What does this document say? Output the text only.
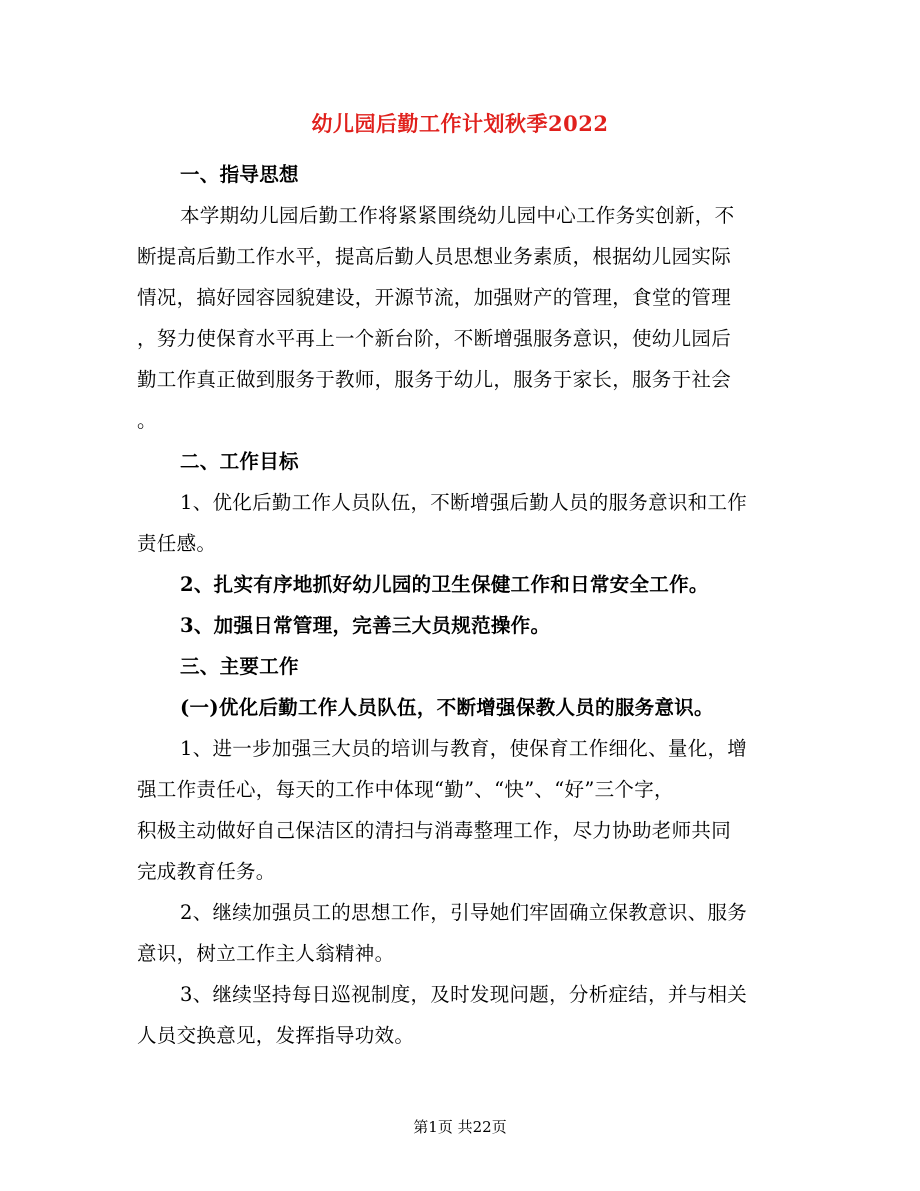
幼儿园后勤工作计划秋季2022
一、指导思想
本学期幼儿园后勤工作将紧紧围绕幼儿园中心工作务实创新，不
断提高后勤工作水平，提高后勤人员思想业务素质，根据幼儿园实际
情况，搞好园容园貌建设，开源节流，加强财产的管理，食堂的管理
，努力使保育水平再上一个新台阶，不断增强服务意识，使幼儿园后
勤工作真正做到服务于教师，服务于幼儿，服务于家长，服务于社会
。
二、工作目标
1、优化后勤工作人员队伍，不断增强后勤人员的服务意识和工作
责任感。
2、扎实有序地抓好幼儿园的卫生保健工作和日常安全工作。
3、加强日常管理，完善三大员规范操作。
三、主要工作
(一)优化后勤工作人员队伍，不断增强保教人员的服务意识。
1、进一步加强三大员的培训与教育，使保育工作细化、量化，增
强工作责任心，每天的工作中体现“勤”、“快”、“好”三个字，
积极主动做好自己保洁区的清扫与消毒整理工作，尽力协助老师共同
完成教育任务。
2、继续加强员工的思想工作，引导她们牢固确立保教意识、服务
意识，树立工作主人翁精神。
3、继续坚持每日巡视制度，及时发现问题，分析症结，并与相关
人员交换意见，发挥指导功效。
第1页 共22页
